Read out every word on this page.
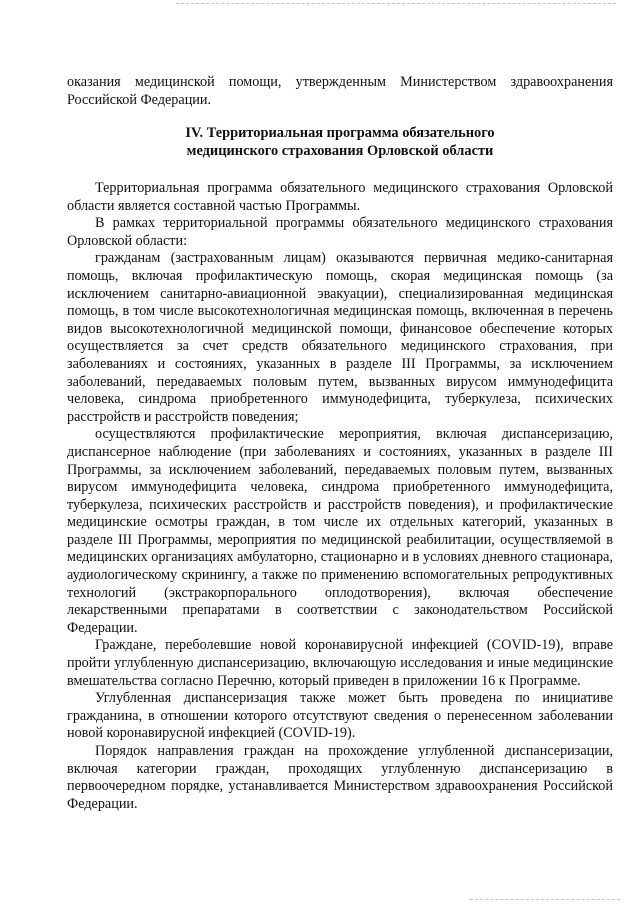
оказания медицинской помощи, утвержденным Министерством здравоохранения Российской Федерации.

IV. Территориальная программа обязательного

медицинского страхования Орловской области

Территориальная программа обязательного медицинского страхования Орловской области является составной частью Программы.

В рамках территориальной программы обязательного медицинского страхования Орловской области:

гражданам (застрахованным лицам) оказываются первичная медико-санитарная помощь, включая профилактическую помощь, скорая медицинская помощь (за исключением санитарно-авиационной эвакуации), специализированная медицинская помощь, в том числе высокотехнологичная медицинская помощь, включенная в перечень видов высокотехнологичной медицинской помощи, финансовое обеспечение которых осуществляется за счет средств обязательного медицинского страхования, при заболеваниях и состояниях, указанных в разделе III Программы, за исключением заболеваний, передаваемых половым путем, вызванных вирусом иммунодефицита человека, синдрома приобретенного иммунодефицита, туберкулеза, психических расстройств и расстройств поведения;

осуществляются профилактические мероприятия, включая диспансеризацию, диспансерное наблюдение (при заболеваниях и состояниях, указанных в разделе III Программы, за исключением заболеваний, передаваемых половым путем, вызванных вирусом иммунодефицита человека, синдрома приобретенного иммунодефицита, туберкулеза, психических расстройств и расстройств поведения), и профилактические медицинские осмотры граждан, в том числе их отдельных категорий, указанных в разделе III Программы, мероприятия по медицинской реабилитации, осуществляемой в медицинских организациях амбулаторно, стационарно и в условиях дневного стационара, аудиологическому скринингу, а также по применению вспомогательных репродуктивных технологий (экстракорпорального оплодотворения), включая обеспечение лекарственными препаратами в соответствии с законодательством Российской Федерации.

Граждане, переболевшие новой коронавирусной инфекцией (COVID-19), вправе пройти углубленную диспансеризацию, включающую исследования и иные медицинские вмешательства согласно Перечню, который приведен в приложении 16 к Программе.

Углубленная диспансеризация также может быть проведена по инициативе гражданина, в отношении которого отсутствуют сведения о перенесенном заболевании новой коронавирусной инфекцией (COVID-19).

Порядок направления граждан на прохождение углубленной диспансеризации, включая категории граждан, проходящих углубленную диспансеризацию в первоочередном порядке, устанавливается Министерством здравоохранения Российской Федерации.
